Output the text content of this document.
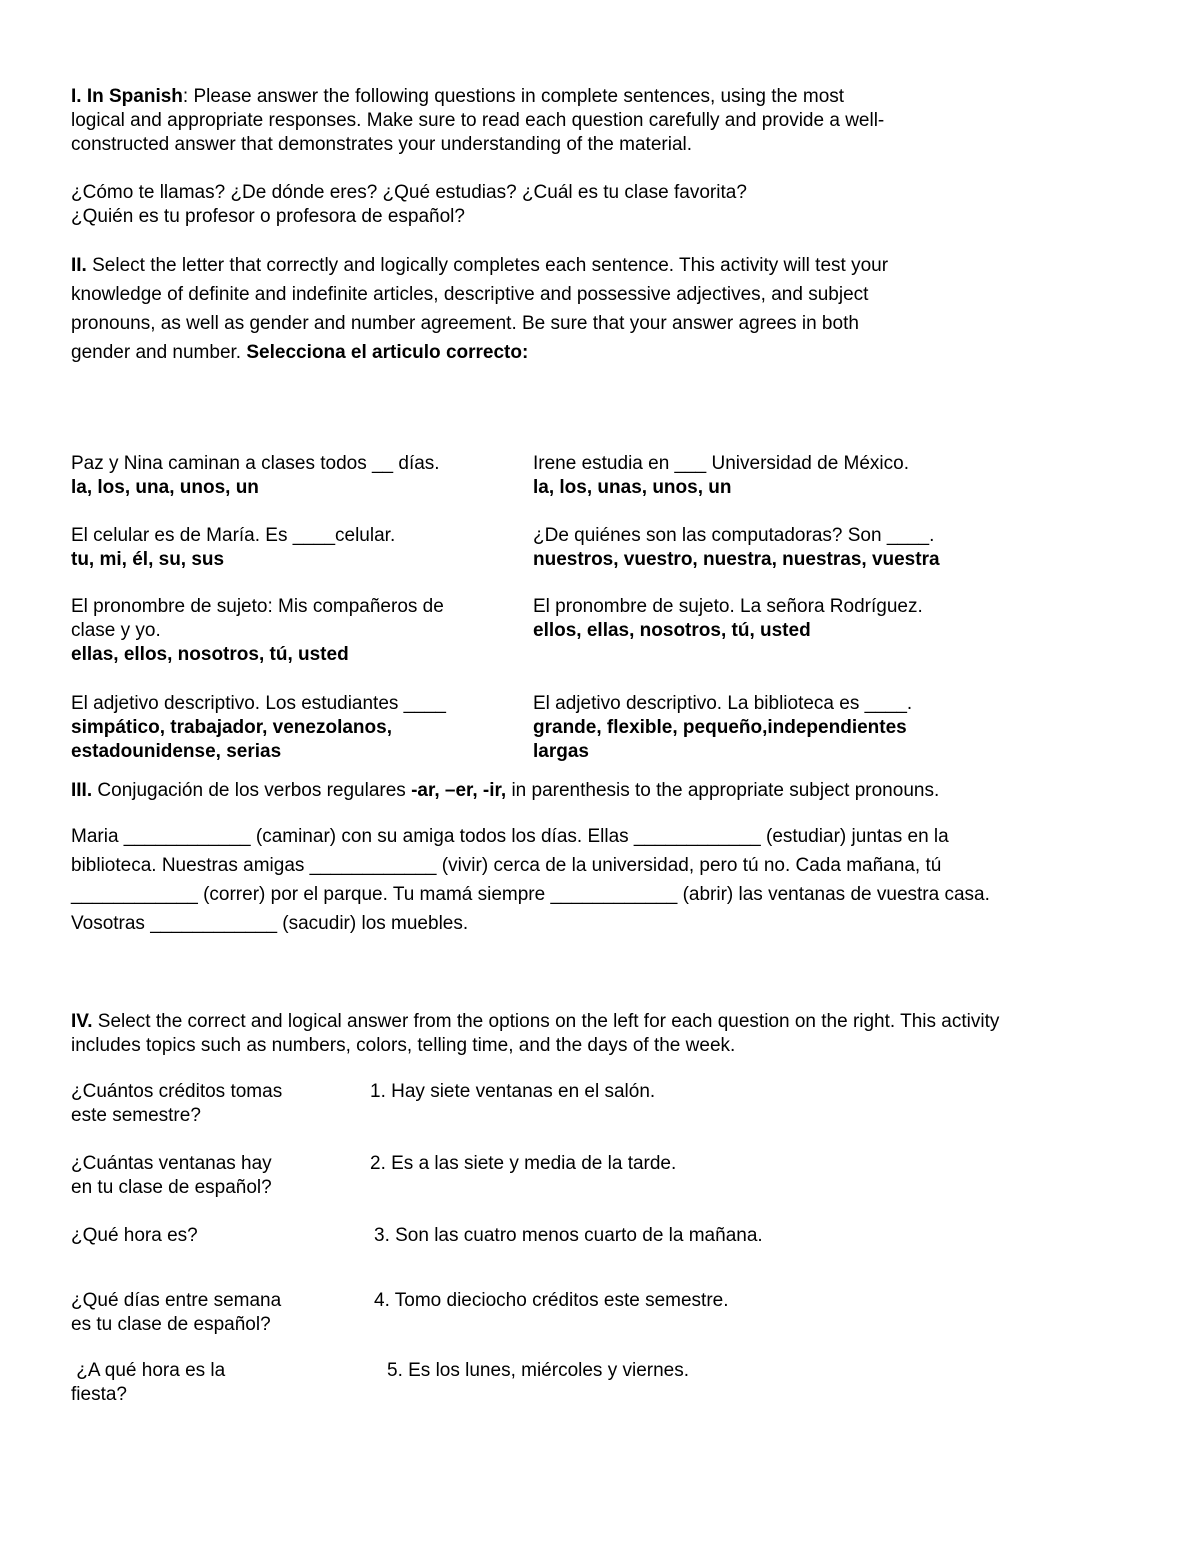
I. In Spanish: Please answer the following questions in complete sentences, using the most
logical and appropriate responses. Make sure to read each question carefully and provide a well-
constructed answer that demonstrates your understanding of the material.
¿Cómo te llamas? ¿De dónde eres? ¿Qué estudias? ¿Cuál es tu clase favorita?
¿Quién es tu profesor o profesora de español?
II. Select the letter that correctly and logically completes each sentence. This activity will test your
knowledge of definite and indefinite articles, descriptive and possessive adjectives, and subject
pronouns, as well as gender and number agreement. Be sure that your answer agrees in both
gender and number. Selecciona el articulo correcto:
Paz y Nina caminan a clases todos __ días.
la, los, una, unos, un
El celular es de María. Es ____celular.
tu, mi, él, su, sus
El pronombre de sujeto: Mis compañeros de
clase y yo.
ellas, ellos, nosotros, tú, usted
El adjetivo descriptivo. Los estudiantes ____
simpático, trabajador, venezolanos,
estadounidense, serias
Irene estudia en ___ Universidad de México.
la, los, unas, unos, un
¿De quiénes son las computadoras? Son ____.
nuestros, vuestro, nuestra, nuestras, vuestra
El pronombre de sujeto. La señora Rodríguez.
ellos, ellas, nosotros, tú, usted
El adjetivo descriptivo. La biblioteca es ____.
grande, flexible, pequeño,independientes
largas
III. Conjugación de los verbos regulares -ar, –er, -ir, in parenthesis to the appropriate subject pronouns.
Maria ____________ (caminar) con su amiga todos los días. Ellas ____________ (estudiar) juntas en la
biblioteca. Nuestras amigas ____________ (vivir) cerca de la universidad, pero tú no. Cada mañana, tú
____________ (correr) por el parque. Tu mamá siempre ____________ (abrir) las ventanas de vuestra casa.
Vosotras ____________ (sacudir) los muebles.
IV. Select the correct and logical answer from the options on the left for each question on the right. This activity
includes topics such as numbers, colors, telling time, and the days of the week.
¿Cuántos créditos tomas
este semestre?
1. Hay siete ventanas en el salón.
¿Cuántas ventanas hay
en tu clase de español?
2. Es a las siete y media de la tarde.
¿Qué hora es?	3. Son las cuatro menos cuarto de la mañana.
¿Qué días entre semana
es tu clase de español?
4. Tomo dieciocho créditos este semestre.
¿A qué hora es la
fiesta?
5. Es los lunes, miércoles y viernes.
